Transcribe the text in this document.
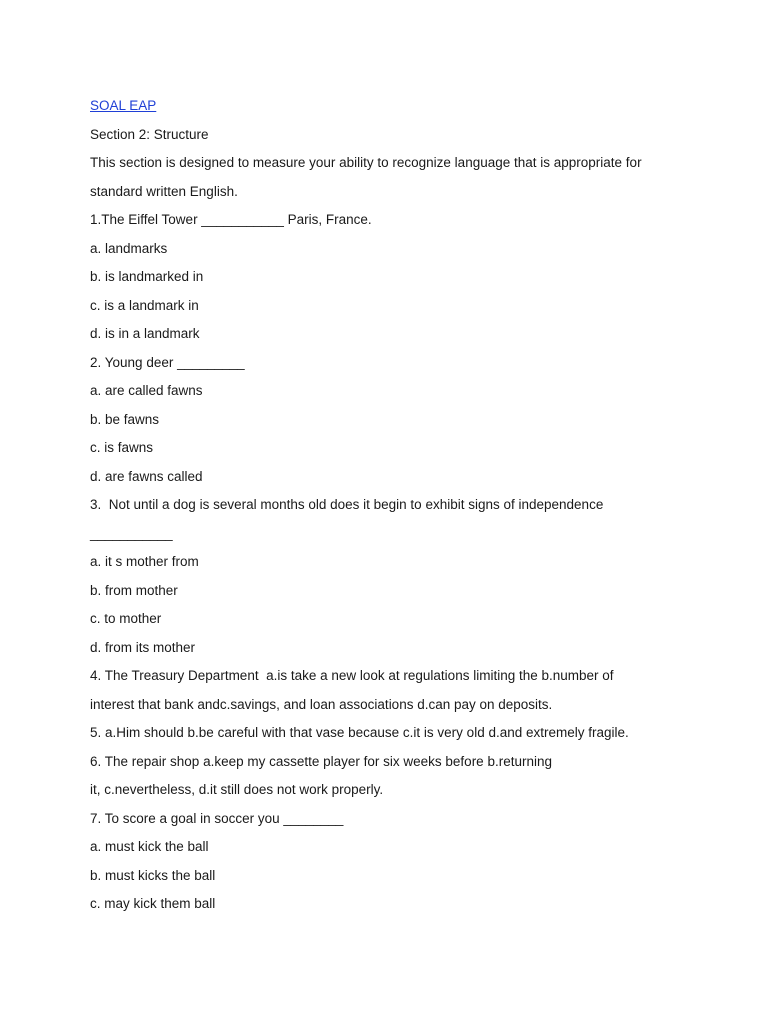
SOAL EAP

Section 2: Structure

This section is designed to measure your ability to recognize language that is appropriate for

standard written English.

1.The Eiffel Tower ___________ Paris, France.

a. landmarks

b. is landmarked in

c. is a landmark in

d. is in a landmark

2. Young deer _________

a. are called fawns

b. be fawns

c. is fawns

d. are fawns called

3.  Not until a dog is several months old does it begin to exhibit signs of independence

___________

a. it s mother from

b. from mother

c. to mother

d. from its mother

4. The Treasury Department  a.is take a new look at regulations limiting the b.number of

interest that bank andc.savings, and loan associations d.can pay on deposits.

5. a.Him should b.be careful with that vase because c.it is very old d.and extremely fragile.

6. The repair shop a.keep my cassette player for six weeks before b.returning

it, c.nevertheless, d.it still does not work properly.

7. To score a goal in soccer you ________

a. must kick the ball

b. must kicks the ball

c. may kick them ball
